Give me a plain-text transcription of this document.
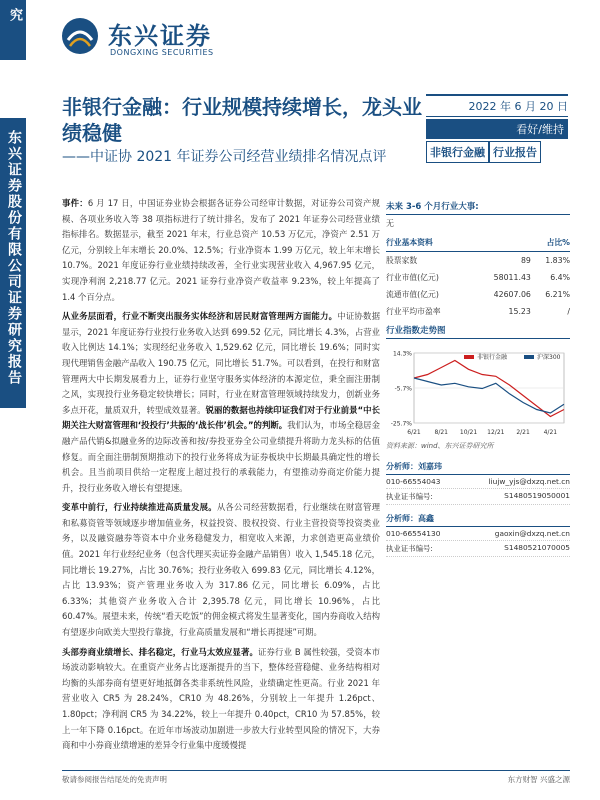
行业研究
东兴证券股份有限公司证券研究报告
东兴证券
DONGXING SECURITIES
非银行金融：行业规模持续增长，龙头业绩稳健
——中证协 2021 年证券公司经营业绩排名情况点评
2022 年 6 月 20 日
看好/维持
非银行金融 行业报告

事件：6 月 17 日，中国证券业协会根据各证券公司经审计数据，对证券公司资产规模、各项业务收入等 38 项指标进行了统计排名，发布了 2021 年证券公司经营业绩指标排名。数据显示，截至 2021 年末，行业总资产 10.53 万亿元，净资产 2.51 万亿元，分别较上年末增长 20.0%、12.5%；行业净资本 1.99 万亿元，较上年末增长 10.7%。2021 年度证券行业业绩持续改善，全行业实现营业收入 4,967.95 亿元，实现净利润 2,218.77 亿元。2021 证券行业净资产收益率 9.23%，较上年提高了 1.4 个百分点。

从业务层面看，行业不断突出服务实体经济和居民财富管理两方面能力。中证协数据显示，2021 年度证券行业投行业务收入达到 699.52 亿元，同比增长 4.3%，占营业收入比例达 14.1%；实现经纪业务收入 1,529.62 亿元，同比增长 19.6%；同时实现代理销售金融产品收入 190.75 亿元，同比增长 51.7%。可以看到，在投行和财富管理两大中长期发展看力上，证券行业坚守服务实体经济的本源定位，秉全面注册制之风，实现投行业务稳定较快增长；同时，行业在财富管理领域持续发力，创新业务多点开花，量质双升，转型成效显著。锐丽的数据也持续印证我们对于行业前景“中长期关注大财富管理和‘投投行’共振的‘战长伟’机会。”的判断。我们认为，市场全稳居金融产品代销&拟融业务的边际改善和按/券投亚券全公司业绩提升将助力龙头标的估值修复。而全面注册制预期推动下的投行业务将成为证券板块中长期最具确定性的增长机会。且当前项目供给一定程度上超过投行的承载能力，有望推动券商定价能力提升，投行业务收入增长有望提速。

变革中前行，行业持续推进高质量发展。从各公司经营数据看，行业继续在财富管理和私募资管等领域逐步增加值业务，权益投资、股权投资、行业主营投资等投资类业务，以及融资融券等资本中介业务稳健发力，相宽收入来源，力求创造更高业绩价值。2021 年行业经纪业务（包含代理买卖证券金融产品销售）收入 1,545.18 亿元，同比增长 19.27%，占比 30.76%；投行业务收入 699.83 亿元，同比增长 4.12%，占比 13.93%；资产管理业务收入为 317.86 亿元，同比增长 6.09%，占比 6.33%；其他资产业务收入合计 2,395.78 亿元，同比增长 10.96%，占比 60.47%。展望未来，传统“看天吃饭”的佣金模式将发生显著变化，国内券商收入结构有望逐步向欧美大型投行靠拢，行业高质量发展和“增长再提速”可期。

头部券商业绩增长、排名稳定，行业马太效应显著。证券行业 B 属性较强，受资本市场波动影响较大。在重资产业务占比逐渐提升的当下，整体经营稳健、业务结构相对均衡的头部券商有望更好地抵御各类非系统性风险，业绩确定性更高。行业 2021 年营业收入 CR5 为 28.24%，CR10 为 48.26%，分别较上一年提升 1.26pct、1.80pct；净利润 CR5 为 34.22%，较上一年提升 0.40pct，CR10 为 57.85%，较上一年下降 0.16pct。在近年市场波动加剧进一步放大行业转型风险的情况下，大券商和中小券商业绩增速的差异令行业集中度缓慢提

未来 3-6 个月行业大事:
无
行业基本资料		占比%
股票家数	89	1.83%
行业市值(亿元)	58011.43	6.4%
流通市值(亿元)	42607.06	6.21%
行业平均市盈率	15.23	/
行业指数走势图
14.3%
-5.7%
-25.7%
6/21 8/21 10/21 12/21 2/21 4/21
非银行金融	沪深300
资料来源：wind、东兴证券研究所
分析师：刘嘉玮
010-66554043	liujw_yjs@dxzq.net.cn
执业证书编号:	S1480519050001
分析师：高鑫
010-66554130	gaoxin@dxzq.net.cn
执业证书编号:	S1480521070005
敬请参阅报告结尾处的免责声明	东方财智 兴盛之源
